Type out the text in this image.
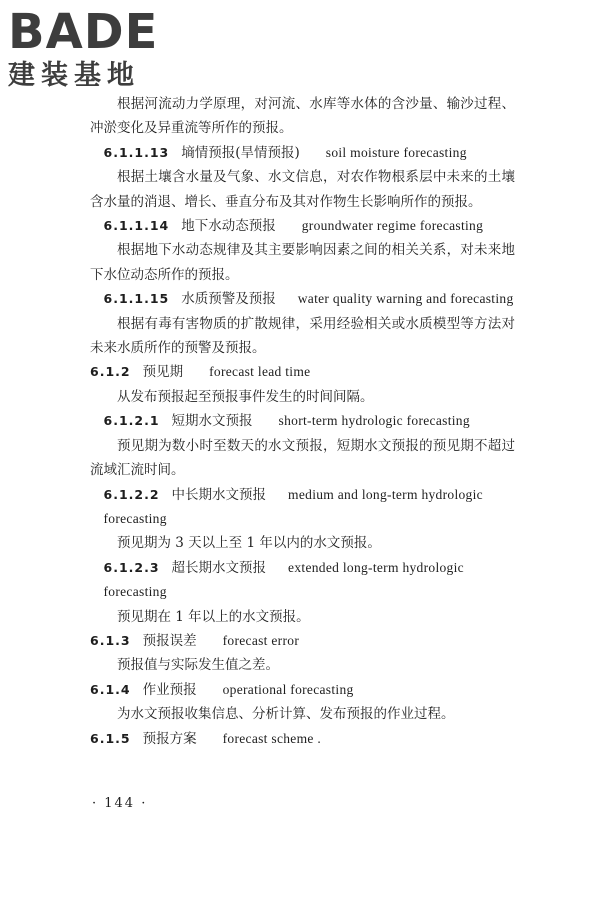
BADE
建装基地

根据河流动力学原理，对河流、水库等水体的含沙量、输沙过程、冲淤变化及异重流等所作的预报。

6.1.1.13 墒情预报(旱情预报) soil moisture forecasting

根据土壤含水量及气象、水文信息，对农作物根系层中未来的土壤含水量的消退、增长、垂直分布及其对作物生长影响所作的预报。

6.1.1.14 地下水动态预报 groundwater regime forecasting

根据地下水动态规律及其主要影响因素之间的相关关系，对未来地下水位动态所作的预报。

6.1.1.15 水质预警及预报 water quality warning and forecasting

根据有毒有害物质的扩散规律，采用经验相关或水质模型等方法对未来水质所作的预警及预报。

6.1.2 预见期 forecast lead time

从发布预报起至预报事件发生的时间间隔。

6.1.2.1 短期水文预报 short-term hydrologic forecasting

预见期为数小时至数天的水文预报，短期水文预报的预见期不超过流域汇流时间。

6.1.2.2 中长期水文预报 medium and long-term hydrologic forecasting

预见期为 3 天以上至 1 年以内的水文预报。

6.1.2.3 超长期水文预报 extended long-term hydrologic forecasting

预见期在 1 年以上的水文预报。

6.1.3 预报误差 forecast error

预报值与实际发生值之差。

6.1.4 作业预报 operational forecasting

为水文预报收集信息、分析计算、发布预报的作业过程。

6.1.5 预报方案 forecast scheme .
· 144 ·
